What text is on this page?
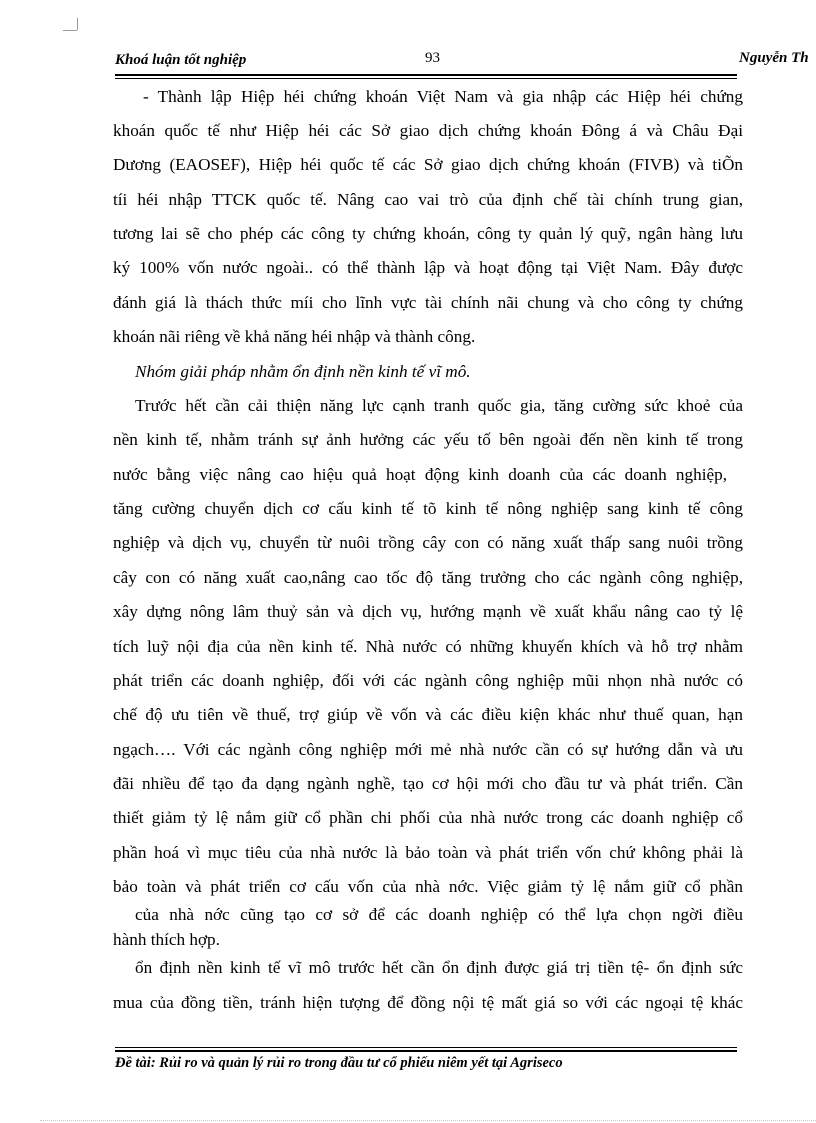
Khoá luận tốt nghiệp	93	Nguyễn Th
- Thành lập Hiệp héi chứng khoán Việt Nam và gia nhập các Hiệp héi chứng
khoán quốc tế như Hiệp héi các Sở giao dịch chứng khoán Đông á và Châu Đại
Dương (EAOSEF), Hiệp héi quốc tế các Sở giao dịch chứng khoán (FIVB) và tiÕn
tíi héi nhập TTCK quốc tế. Nâng cao vai trò của định chế tài chính trung gian,
tương lai sẽ cho phép các công ty chứng khoán, công ty quản lý quỹ, ngân hàng lưu
ký 100% vốn nước ngoài.. có thể thành lập và hoạt động tại Việt Nam. Đây được
đánh giá là thách thức míi cho lĩnh vực tài chính nãi chung và cho công ty chứng
khoán nãi riêng về khả năng héi nhập và thành công.
Nhóm giải pháp nhằm ổn định nền kinh tế vĩ mô.
Trước hết cần cải thiện năng lực cạnh tranh quốc gia, tăng cường sức khoẻ của
nền kinh tế, nhằm tránh sự ảnh hưởng các yếu tố bên ngoài đến nền kinh tế trong
nước bằng việc nâng cao hiệu quả hoạt động kinh doanh của các doanh nghiệp,
tăng cường chuyển dịch cơ cấu kinh tế tõ kinh tế nông nghiệp sang kinh tế công
nghiệp và dịch vụ, chuyển từ nuôi trồng cây con có năng xuất thấp sang nuôi trồng
cây con có năng xuất cao,nâng cao tốc độ tăng trưởng cho các ngành công nghiệp,
xây dựng nông lâm thuỷ sản và dịch vụ, hướng mạnh về xuất khẩu nâng cao tỷ lệ
tích luỹ nội địa của nền kinh tế. Nhà nước có những khuyến khích và hỗ trợ nhằm
phát triển các doanh nghiệp, đối với các ngành công nghiệp mũi nhọn nhà nước có
chế độ ưu tiên về thuế, trợ giúp về vốn và các điều kiện khác như thuế quan, hạn
ngạch…. Với các ngành công nghiệp mới mẻ nhà nước cần có sự hướng dẫn và ưu
đãi nhiều để tạo đa dạng ngành nghề, tạo cơ hội mới cho đầu tư và phát triển. Cần
thiết giảm tỷ lệ nắm giữ cổ phần chi phối của nhà nước trong các doanh nghiệp cổ
phần hoá vì mục tiêu của nhà nước là bảo toàn và phát triển vốn chứ không phải là
bảo toàn và phát triển cơ cấu vốn của nhà nớc. Việc giảm tỷ lệ nắm giữ cổ phần
của nhà nớc cũng tạo cơ sở để các doanh nghiệp có thể lựa chọn ngời điều
hành thích hợp.
ổn định nền kinh tế vĩ mô trước hết cần ổn định được giá trị tiền tệ- ổn định sức
mua của đồng tiền, tránh hiện tượng để đồng nội tệ mất giá so với các ngoại tệ khác
Đề tài: Rủi ro và quản lý rủi ro trong đầu tư cổ phiếu niêm yết tại Agriseco
